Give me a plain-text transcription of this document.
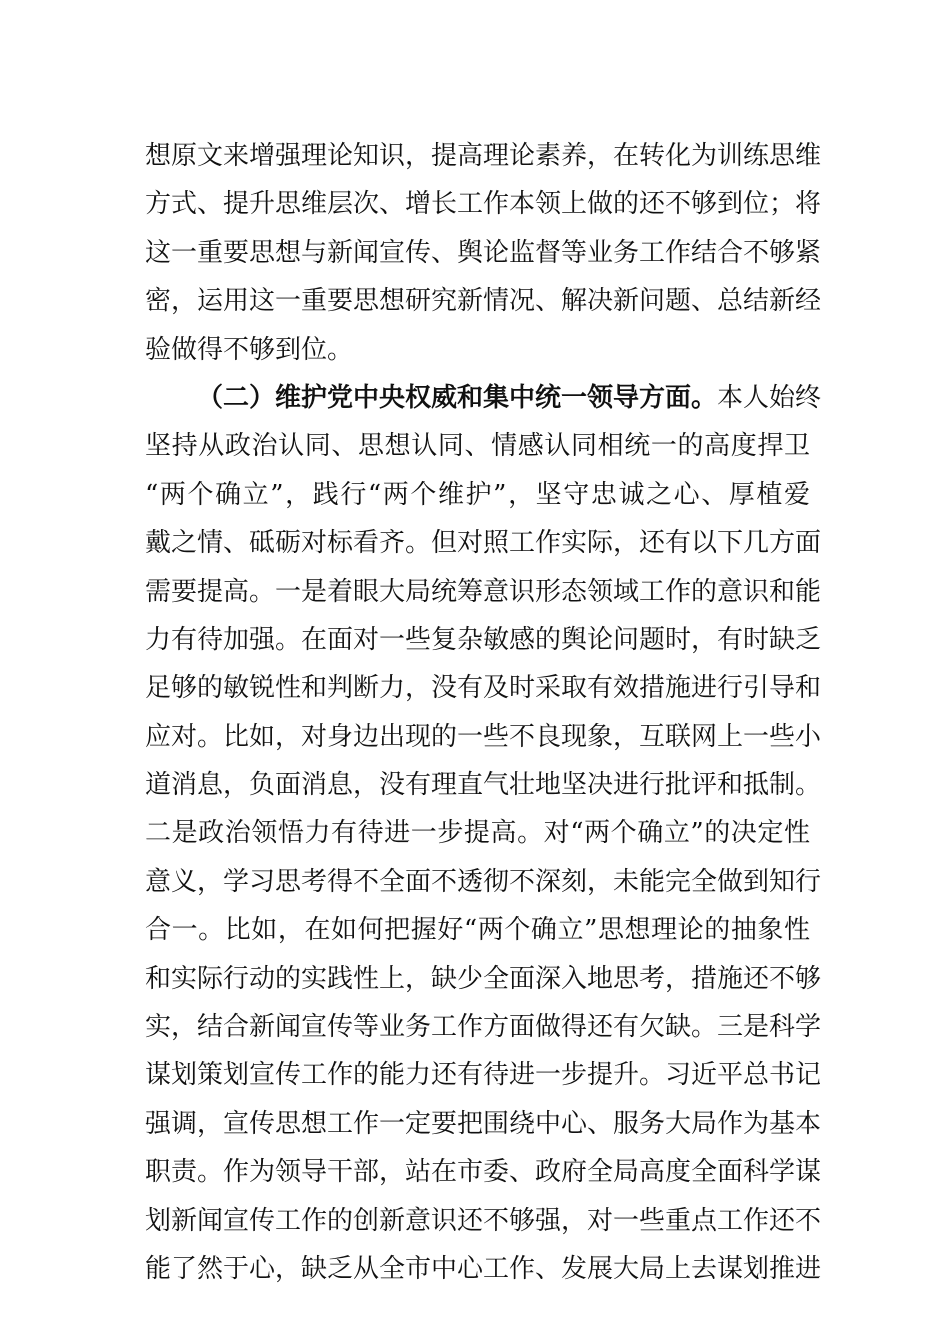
想原文来增强理论知识，提高理论素养，在转化为训练思维
方式、提升思维层次、增长工作本领上做的还不够到位；将
这一重要思想与新闻宣传、舆论监督等业务工作结合不够紧
密，运用这一重要思想研究新情况、解决新问题、总结新经
验做得不够到位。
（二）维护党中央权威和集中统一领导方面。本人始终
坚持从政治认同、思想认同、情感认同相统一的高度捍卫
“两个确立”，践行“两个维护”，坚守忠诚之心、厚植爱
戴之情、砥砺对标看齐。但对照工作实际，还有以下几方面
需要提高。一是着眼大局统筹意识形态领域工作的意识和能
力有待加强。在面对一些复杂敏感的舆论问题时，有时缺乏
足够的敏锐性和判断力，没有及时采取有效措施进行引导和
应对。比如，对身边出现的一些不良现象，互联网上一些小
道消息，负面消息，没有理直气壮地坚决进行批评和抵制。
二是政治领悟力有待进一步提高。对“两个确立”的决定性
意义，学习思考得不全面不透彻不深刻，未能完全做到知行
合一。比如，在如何把握好“两个确立”思想理论的抽象性
和实际行动的实践性上，缺少全面深入地思考，措施还不够
实，结合新闻宣传等业务工作方面做得还有欠缺。三是科学
谋划策划宣传工作的能力还有待进一步提升。习近平总书记
强调，宣传思想工作一定要把围绕中心、服务大局作为基本
职责。作为领导干部，站在市委、政府全局高度全面科学谋
划新闻宣传工作的创新意识还不够强，对一些重点工作还不
能了然于心，缺乏从全市中心工作、发展大局上去谋划推进
